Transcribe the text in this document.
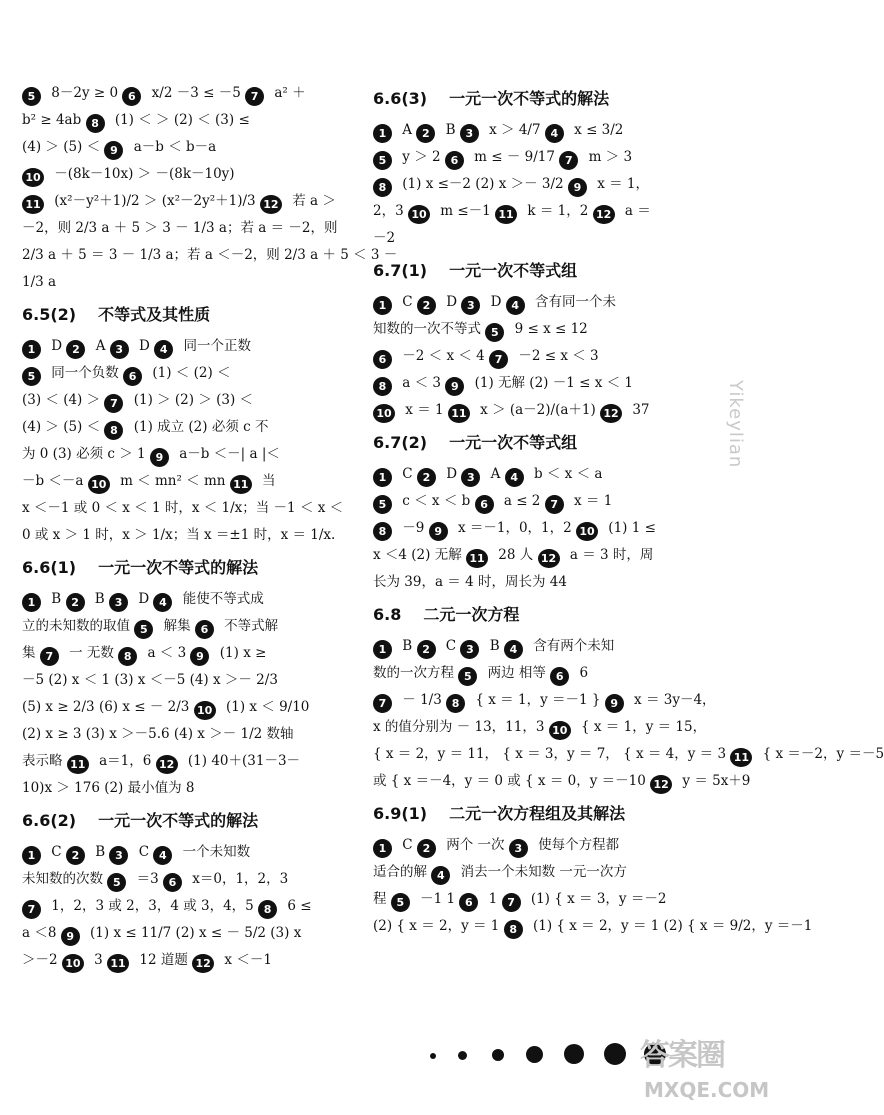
5 8－2y ≥ 0 6 x/2 －3 ≤ －5 7 a² ＋
b² ≥ 4ab 8 (1) ＜ ＞ (2) ＜ (3) ≤
(4) ＞ (5) ＜ 9 a－b ＜ b－a
10 －(8k－10x) ＞ －(8k－10y)
11 (x²－y²＋1)/2 ＞ (x²－2y²＋1)/3 12 若 a ＞
－2，则 2/3 a ＋ 5 ＞ 3 － 1/3 a；若 a ＝ －2，则
2/3 a ＋ 5 ＝ 3 － 1/3 a；若 a ＜－2，则 2/3 a ＋ 5 ＜ 3 －
1/3 a
6.5(2) 不等式及其性质
1 D 2 A 3 D 4 同一个正数
5 同一个负数 6 (1) ＜ (2) ＜
(3) ＜ (4) ＞ 7 (1) ＞ (2) ＞ (3) ＜
(4) ＞ (5) ＜ 8 (1) 成立 (2) 必须 c 不
为 0 (3) 必须 c ＞ 1 9 a－b ＜－| a |＜
－b ＜－a 10 m ＜ mn² ＜ mn 11 当
x ＜－1 或 0 ＜ x ＜ 1 时，x ＜ 1/x；当 －1 ＜ x ＜
0 或 x ＞ 1 时，x ＞ 1/x；当 x ＝±1 时，x ＝ 1/x.
6.6(1) 一元一次不等式的解法
1 B 2 B 3 D 4 能使不等式成
立的未知数的取值 5 解集 6 不等式解
集 7 一 无数 8 a ＜ 3 9 (1) x ≥
－5 (2) x ＜ 1 (3) x ＜－5 (4) x ＞－ 2/3
(5) x ≥ 2/3 (6) x ≤ － 2/3 10 (1) x ＜ 9/10
(2) x ≥ 3 (3) x ＞－5.6 (4) x ＞－ 1/2 数轴
表示略 11 a＝1，6 12 (1) 40＋(31－3－
10)x ＞ 176 (2) 最小值为 8
6.6(2) 一元一次不等式的解法
1 C 2 B 3 C 4 一个未知数
未知数的次数 5 ＝3 6 x＝0，1，2，3
7 1，2，3 或 2，3，4 或 3，4，5 8 6 ≤
a ＜8 9 (1) x ≤ 11/7 (2) x ≤ － 5/2 (3) x
＞－2 10 3 11 12 道题 12 x ＜－1
6.6(3) 一元一次不等式的解法
1 A 2 B 3 x ＞ 4/7 4 x ≤ 3/2
5 y ＞ 2 6 m ≤ － 9/17 7 m ＞ 3
8 (1) x ≤－2 (2) x ＞－ 3/2 9 x ＝ 1，
2，3 10 m ≤－1 11 k ＝ 1，2 12 a ＝
－2
6.7(1) 一元一次不等式组
1 C 2 D 3 D 4 含有同一个未
知数的一次不等式 5 9 ≤ x ≤ 12
6 －2 ＜ x ＜ 4 7 －2 ≤ x ＜ 3
8 a ＜ 3 9 (1) 无解 (2) －1 ≤ x ＜ 1
10 x ＝ 1 11 x ＞ (a－2)/(a＋1) 12 37
6.7(2) 一元一次不等式组
1 C 2 D 3 A 4 b ＜ x ＜ a
5 c ＜ x ＜ b 6 a ≤ 2 7 x ＝ 1
8 －9 9 x ＝－1，0，1，2 10 (1) 1 ≤
x ＜4 (2) 无解 11 28 人 12 a ＝ 3 时，周
长为 39，a ＝ 4 时，周长为 44
6.8 二元一次方程
1 B 2 C 3 B 4 含有两个未知
数的一次方程 5 两边 相等 6 6
7 － 1/3 8 { x ＝ 1，y ＝－1 } 9 x ＝ 3y－4，
x 的值分别为 － 13，11，3 10 { x ＝ 1，y ＝ 15，
{ x ＝ 2，y ＝ 11， { x ＝ 3，y ＝ 7， { x ＝ 4，y ＝ 3 11 { x ＝－2，y ＝－5
或 { x ＝－4，y ＝ 0 或 { x ＝ 0，y ＝－10 12 y ＝ 5x＋9
6.9(1) 二元一次方程组及其解法
1 C 2 两个 一次 3 使每个方程都
适合的解 4 消去一个未知数 一元一次方
程 5 －1 1 6 1 7 (1) { x ＝ 3，y ＝－2
(2) { x ＝ 2，y ＝ 1 8 (1) { x ＝ 2，y ＝ 1 (2) { x ＝ 9/2，y ＝－1
Yikeylian
答案圈
MXQE.COM
